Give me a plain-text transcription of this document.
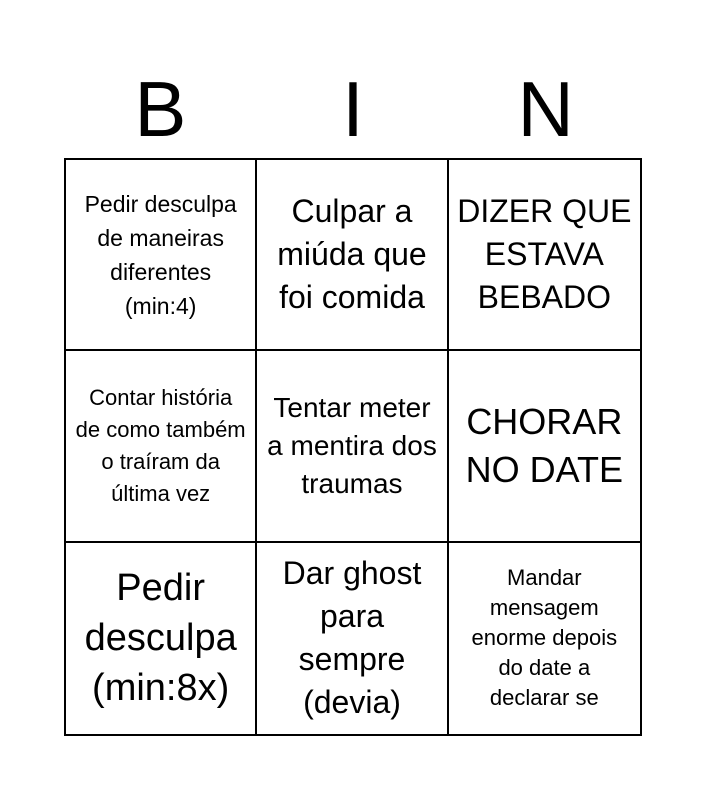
B	I	N
Pedir desculpa de maneiras diferentes (min:4)
Culpar a miúda que foi comida
DIZER QUE ESTAVA BEBADO
Contar história de como também o traíram da última vez
Tentar meter a mentira dos traumas
CHORAR NO DATE
Pedir desculpa (min:8x)
Dar ghost para sempre (devia)
Mandar mensagem enorme depois do date a declarar se
